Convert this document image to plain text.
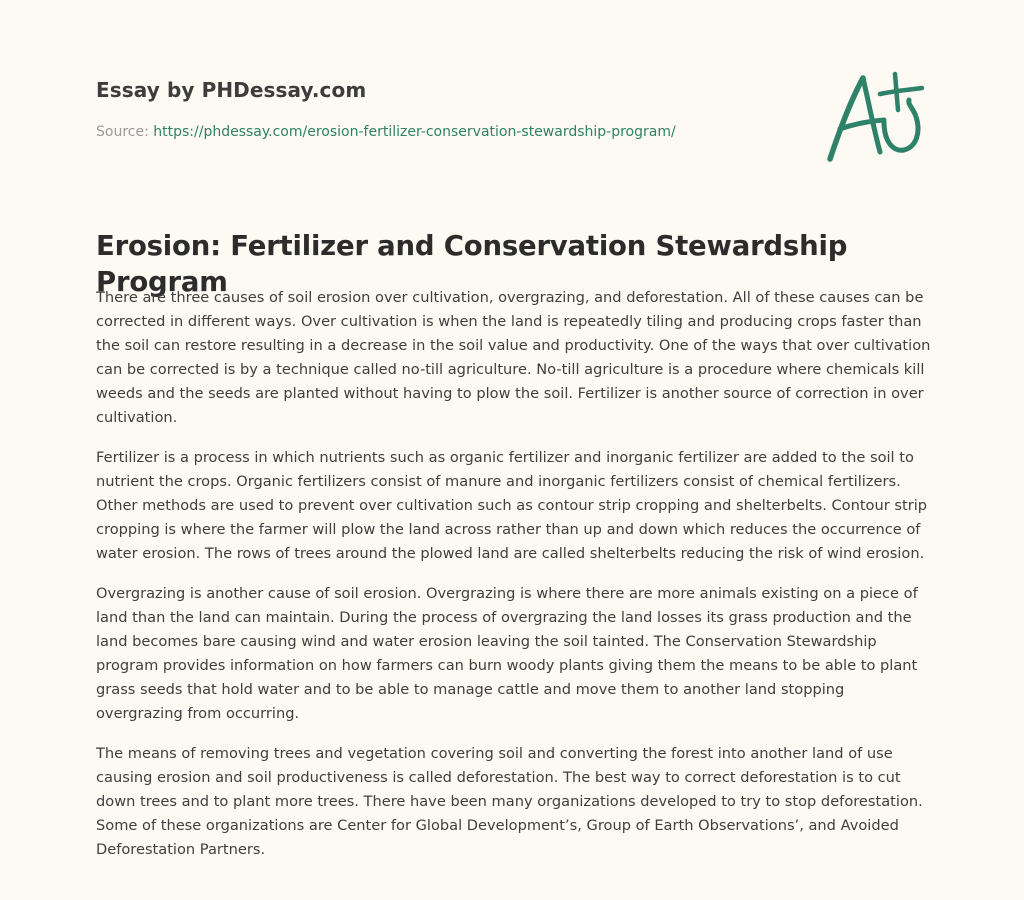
Essay by PHDessay.com
Source: https://phdessay.com/erosion-fertilizer-conservation-stewardship-program/
Erosion: Fertilizer and Conservation Stewardship Program

There are three causes of soil erosion over cultivation, overgrazing, and deforestation. All of these causes can be corrected in different ways. Over cultivation is when the land is repeatedly tiling and producing crops faster than the soil can restore resulting in a decrease in the soil value and productivity. One of the ways that over cultivation can be corrected is by a technique called no-till agriculture. No-till agriculture is a procedure where chemicals kill weeds and the seeds are planted without having to plow the soil. Fertilizer is another source of correction in over cultivation.

Fertilizer is a process in which nutrients such as organic fertilizer and inorganic fertilizer are added to the soil to nutrient the crops. Organic fertilizers consist of manure and inorganic fertilizers consist of chemical fertilizers. Other methods are used to prevent over cultivation such as contour strip cropping and shelterbelts. Contour strip cropping is where the farmer will plow the land across rather than up and down which reduces the occurrence of water erosion. The rows of trees around the plowed land are called shelterbelts reducing the risk of wind erosion.

Overgrazing is another cause of soil erosion. Overgrazing is where there are more animals existing on a piece of land than the land can maintain. During the process of overgrazing the land losses its grass production and the land becomes bare causing wind and water erosion leaving the soil tainted. The Conservation Stewardship program provides information on how farmers can burn woody plants giving them the means to be able to plant grass seeds that hold water and to be able to manage cattle and move them to another land stopping overgrazing from occurring.

The means of removing trees and vegetation covering soil and converting the forest into another land of use causing erosion and soil productiveness is called deforestation. The best way to correct deforestation is to cut down trees and to plant more trees. There have been many organizations developed to try to stop deforestation. Some of these organizations are Center for Global Development’s, Group of Earth Observations’, and Avoided Deforestation Partners.
